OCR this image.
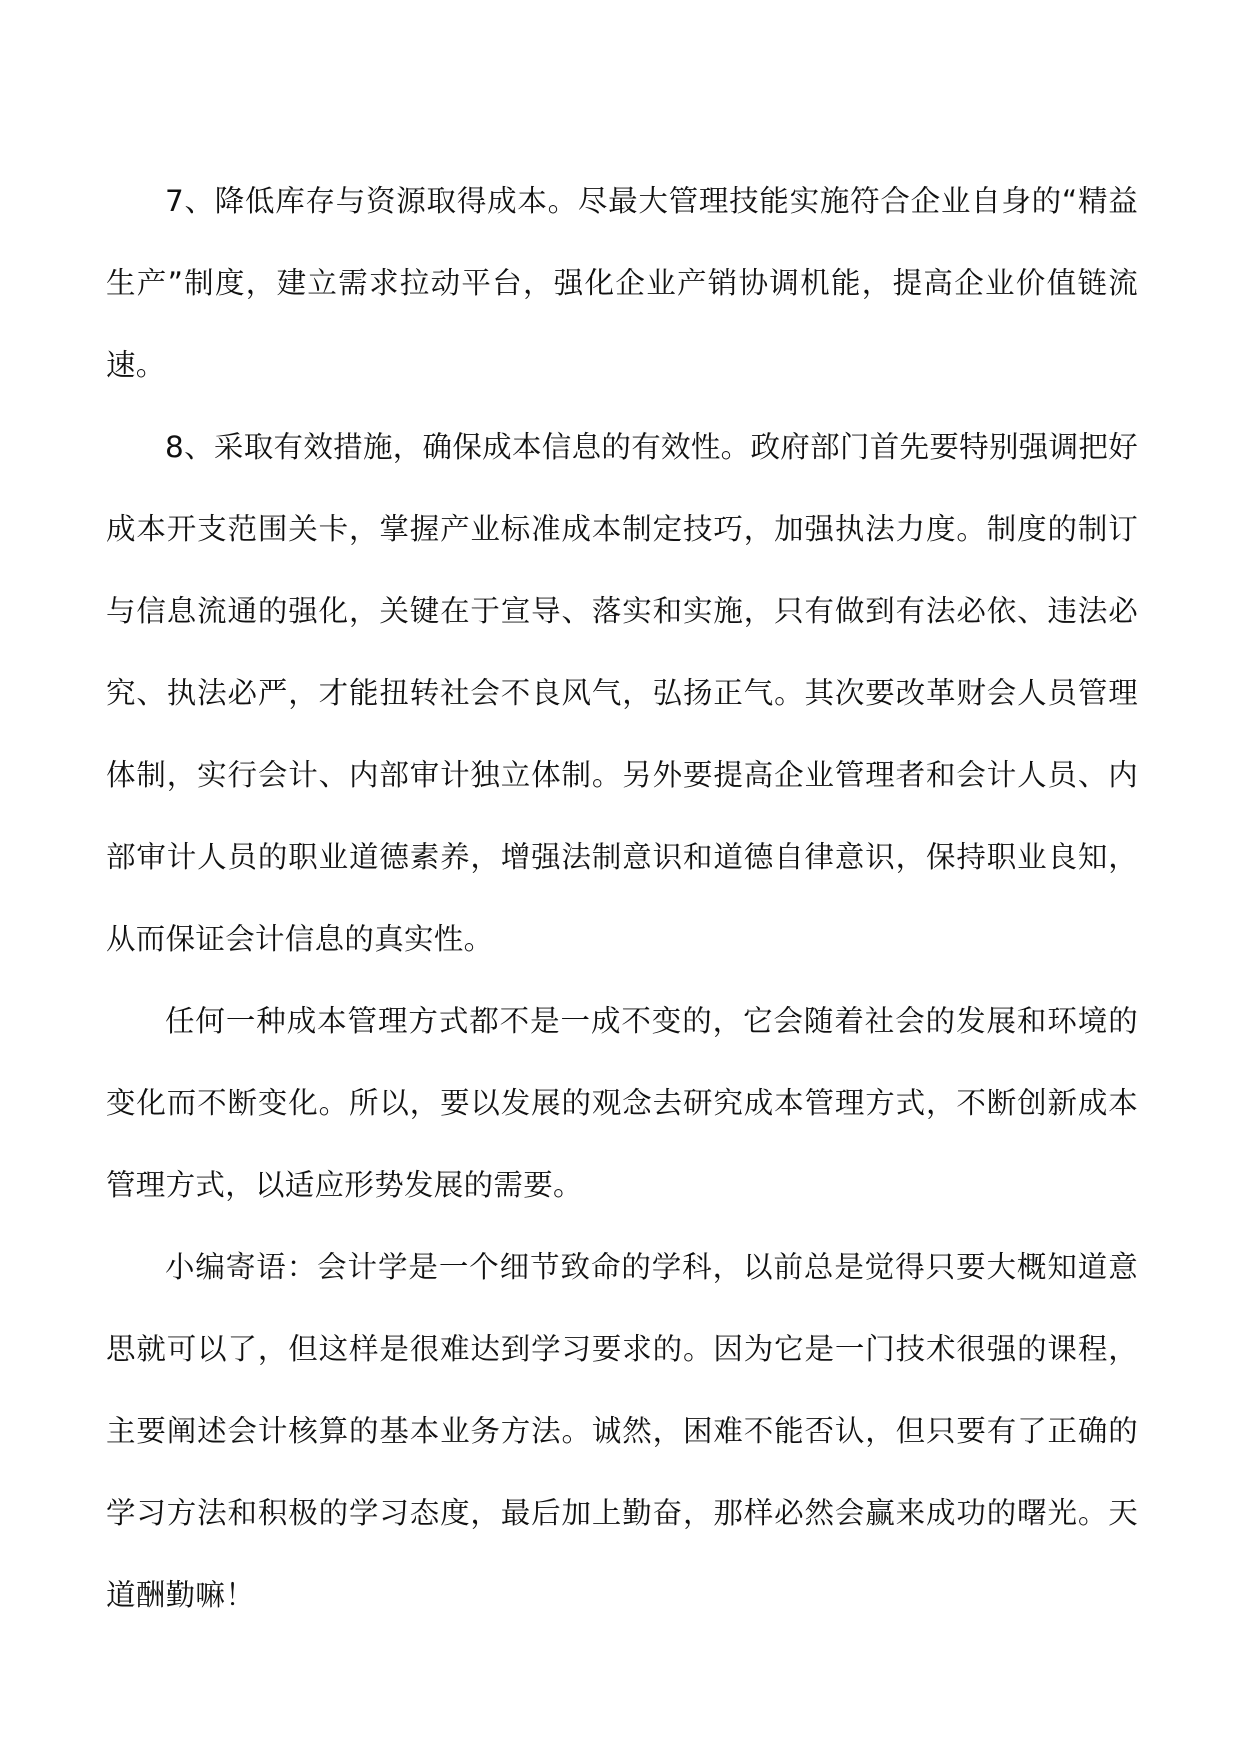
7、降低库存与资源取得成本。尽最大管理技能实施符合企业自身的“精益生产”制度，建立需求拉动平台，强化企业产销协调机能，提高企业价值链流速。

8、采取有效措施，确保成本信息的有效性。政府部门首先要特别强调把好成本开支范围关卡，掌握产业标准成本制定技巧，加强执法力度。制度的制订与信息流通的强化，关键在于宣导、落实和实施，只有做到有法必依、违法必究、执法必严，才能扭转社会不良风气，弘扬正气。其次要改革财会人员管理体制，实行会计、内部审计独立体制。另外要提高企业管理者和会计人员、内部审计人员的职业道德素养，增强法制意识和道德自律意识，保持职业良知，从而保证会计信息的真实性。

任何一种成本管理方式都不是一成不变的，它会随着社会的发展和环境的变化而不断变化。所以，要以发展的观念去研究成本管理方式，不断创新成本管理方式，以适应形势发展的需要。

小编寄语：会计学是一个细节致命的学科，以前总是觉得只要大概知道意思就可以了，但这样是很难达到学习要求的。因为它是一门技术很强的课程，主要阐述会计核算的基本业务方法。诚然，困难不能否认，但只要有了正确的学习方法和积极的学习态度，最后加上勤奋，那样必然会赢来成功的曙光。天道酬勤嘛！
